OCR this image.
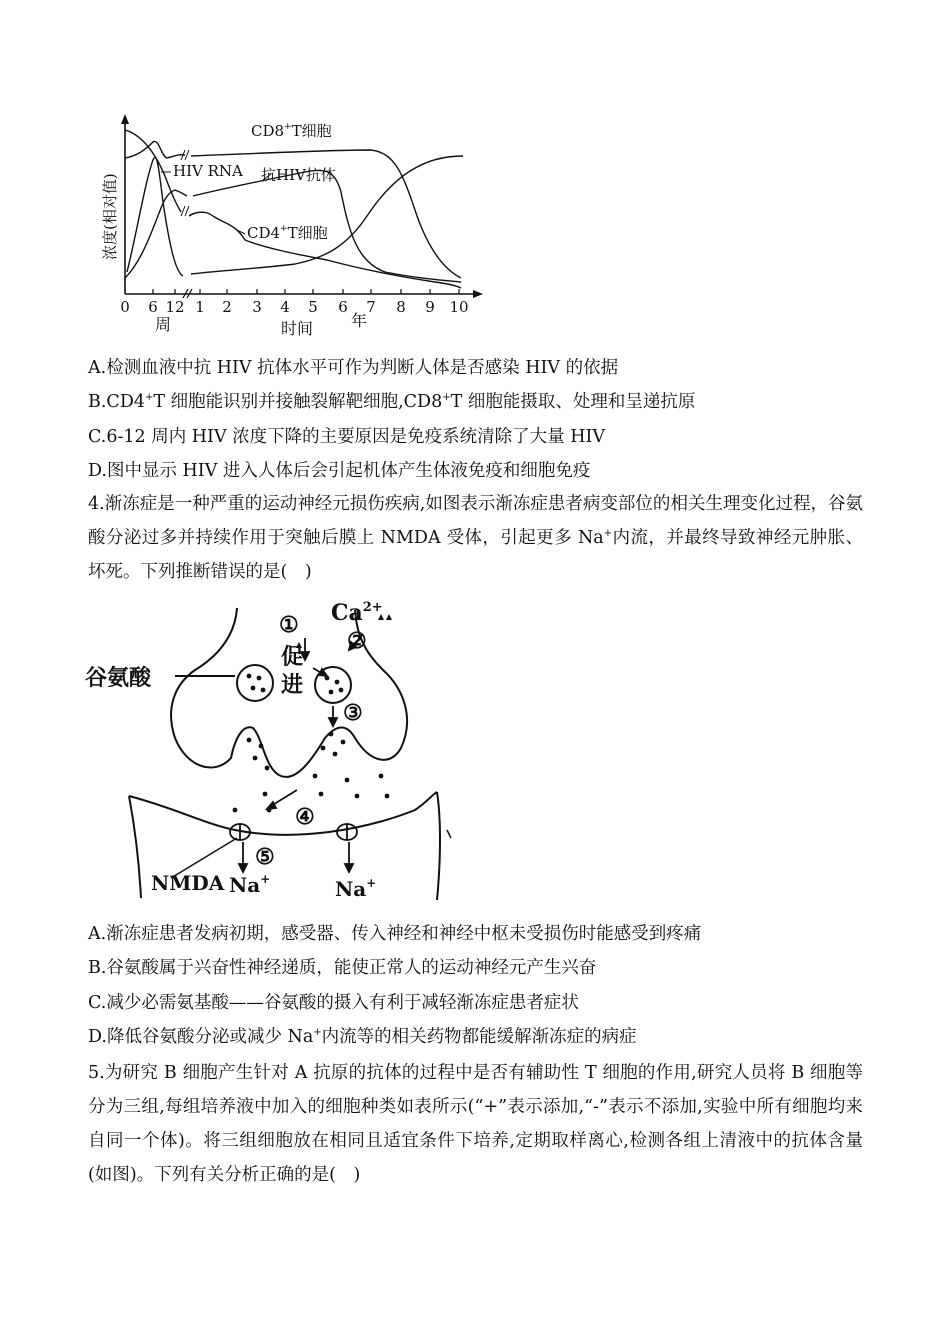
浓度(相对值)
CD8+T细胞
HIV RNA 抗HIV抗体
CD4+T细胞
0 6 12 1 2 3 4 5 6 7 8 9 10
周	时间 年
A.检测血液中抗 HIV 抗体水平可作为判断人体是否感染 HIV 的依据
B.CD4+T 细胞能识别并接触裂解靶细胞,CD8+T 细胞能摄取、处理和呈递抗原
C.6-12 周内 HIV 浓度下降的主要原因是免疫系统清除了大量 HIV
D.图中显示 HIV 进入人体后会引起机体产生体液免疫和细胞免疫
4.渐冻症是一种严重的运动神经元损伤疾病,如图表示渐冻症患者病变部位的相关生理变化过程，谷氨酸分泌过多并持续作用于突触后膜上 NMDA 受体，引起更多 Na+内流，并最终导致神经元肿胀、坏死。下列推断错误的是(　)
谷氨酸
①
促
进
$Ca^{2+}$
②
③
④
⑤
NMDA Na+	Na+
A.渐冻症患者发病初期，感受器、传入神经和神经中枢未受损伤时能感受到疼痛
B.谷氨酸属于兴奋性神经递质，能使正常人的运动神经元产生兴奋
C.减少必需氨基酸——谷氨酸的摄入有利于减轻渐冻症患者症状
D.降低谷氨酸分泌或减少 Na+内流等的相关药物都能缓解渐冻症的病症
5.为研究 B 细胞产生针对 A 抗原的抗体的过程中是否有辅助性 T 细胞的作用,研究人员将 B 细胞等分为三组,每组培养液中加入的细胞种类如表所示(“+”表示添加,“-”表示不添加,实验中所有细胞均来自同一个体)。将三组细胞放在相同且适宜条件下培养,定期取样离心,检测各组上清液中的抗体含量(如图)。下列有关分析正确的是(　)
